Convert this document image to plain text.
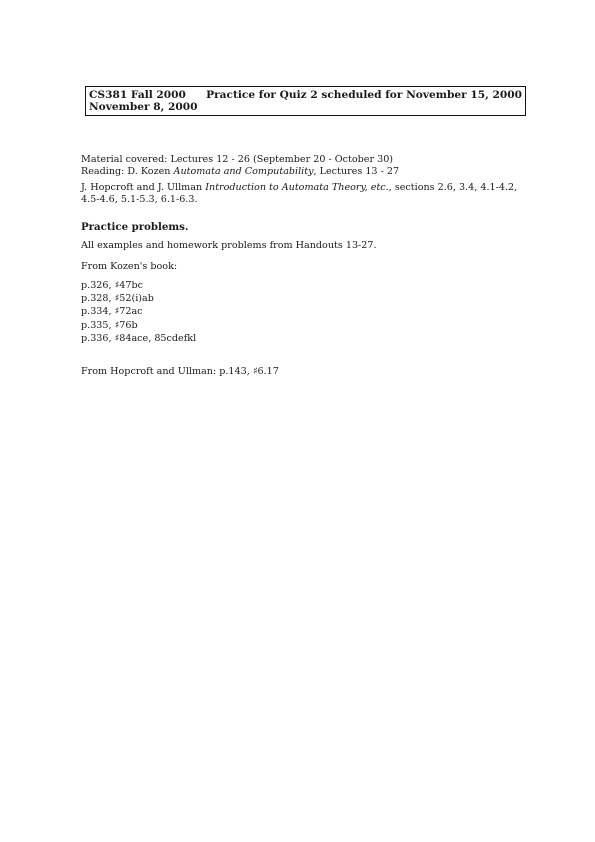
CS381 Fall 2000 Practice for Quiz 2 scheduled for November 15, 2000
November 8, 2000
Material covered: Lectures 12 - 26 (September 20 - October 30)
Reading: D. Kozen Automata and Computability, Lectures 13 - 27
J. Hopcroft and J. Ullman Introduction to Automata Theory, etc., sections 2.6, 3.4, 4.1-4.2,
4.5-4.6, 5.1-5.3, 6.1-6.3.
Practice problems.
All examples and homework problems from Handouts 13-27.
From Kozen's book:
p.326, ♯47bc
p.328, ♯52(i)ab
p.334, ♯72ac
p.335, ♯76b
p.336, ♯84ace, 85cdefkl
From Hopcroft and Ullman: p.143, ♯6.17
